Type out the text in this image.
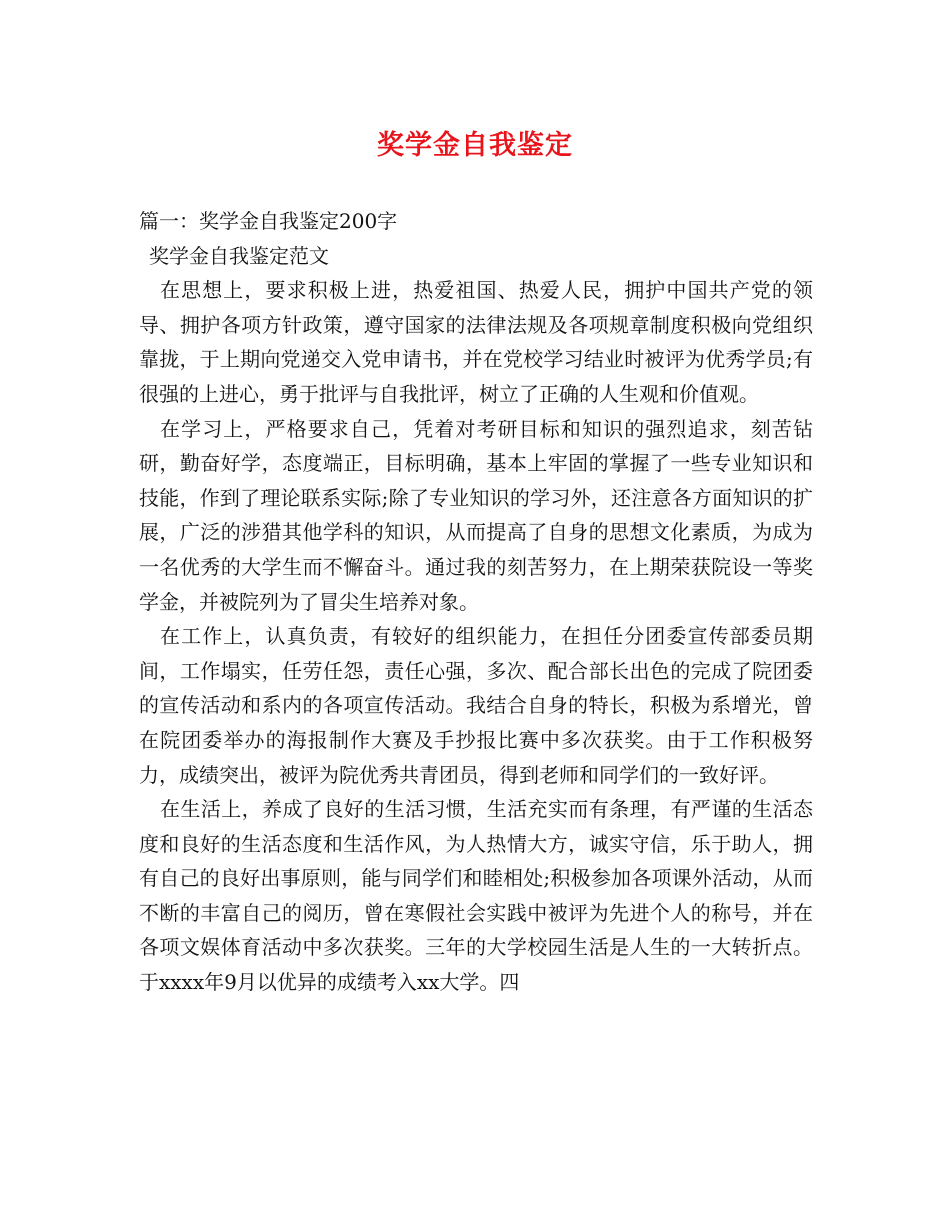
奖学金自我鉴定

篇一：奖学金自我鉴定200字

奖学金自我鉴定范文

在思想上，要求积极上进，热爱祖国、热爱人民，拥护中国共产党的领导、拥护各项方针政策，遵守国家的法律法规及各项规章制度积极向党组织靠拢，于上期向党递交入党申请书，并在党校学习结业时被评为优秀学员;有很强的上进心，勇于批评与自我批评，树立了正确的人生观和价值观。

在学习上，严格要求自己，凭着对考研目标和知识的强烈追求，刻苦钻研，勤奋好学，态度端正，目标明确，基本上牢固的掌握了一些专业知识和技能，作到了理论联系实际;除了专业知识的学习外，还注意各方面知识的扩展，广泛的涉猎其他学科的知识，从而提高了自身的思想文化素质，为成为一名优秀的大学生而不懈奋斗。通过我的刻苦努力，在上期荣获院设一等奖学金，并被院列为了冒尖生培养对象。

在工作上，认真负责，有较好的组织能力，在担任分团委宣传部委员期间，工作塌实，任劳任怨，责任心强，多次、配合部长出色的完成了院团委的宣传活动和系内的各项宣传活动。我结合自身的特长，积极为系增光，曾在院团委举办的海报制作大赛及手抄报比赛中多次获奖。由于工作积极努力，成绩突出，被评为院优秀共青团员，得到老师和同学们的一致好评。

在生活上，养成了良好的生活习惯，生活充实而有条理，有严谨的生活态度和良好的生活态度和生活作风，为人热情大方，诚实守信，乐于助人，拥有自己的良好出事原则，能与同学们和睦相处;积极参加各项课外活动，从而不断的丰富自己的阅历，曾在寒假社会实践中被评为先进个人的称号，并在各项文娱体育活动中多次获奖。三年的大学校园生活是人生的一大转折点。于xxxx年9月以优异的成绩考入xx大学。四
